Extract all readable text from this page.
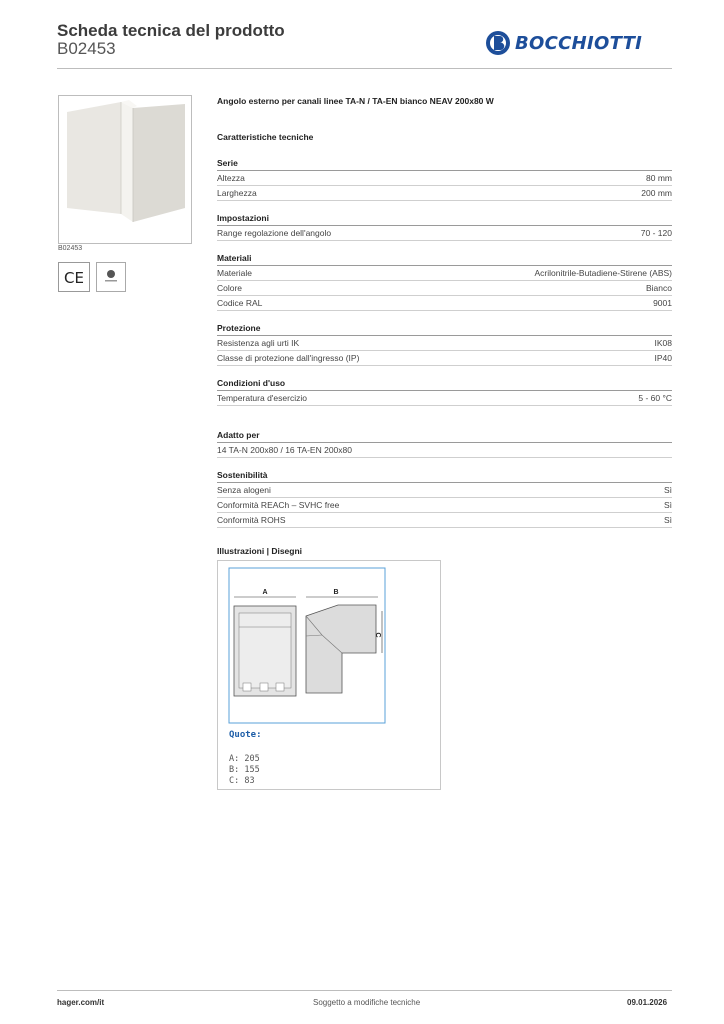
Scheda tecnica del prodotto
B02453	BOCCHIOTTI
B02453
CE
Angolo esterno per canali linee TA-N / TA-EN bianco NEAV 200x80 W
Caratteristiche tecniche
Serie
Altezza	80 mm
Larghezza	200 mm
Impostazioni
Range regolazione dell'angolo	70 - 120
Materiali
Materiale	Acrilonitrile-Butadiene-Stirene (ABS)
Colore	Bianco
Codice RAL	9001
Protezione
Resistenza agli urti IK	IK08
Classe di protezione dall'ingresso (IP)	IP40
Condizioni d'uso
Temperatura d'esercizio	5 - 60 °C
Adatto per
14 TA-N 200x80 / 16 TA-EN 200x80
Sostenibilità
Senza alogeni	Sì
Conformità REACh – SVHC free	Sì
Conformità ROHS	Sì
Illustrazioni | Disegni
A	B
C
Quote:
A: 205
B: 155
C: 83
hager.com/it	Soggetto a modifiche tecniche	09.01.2026
